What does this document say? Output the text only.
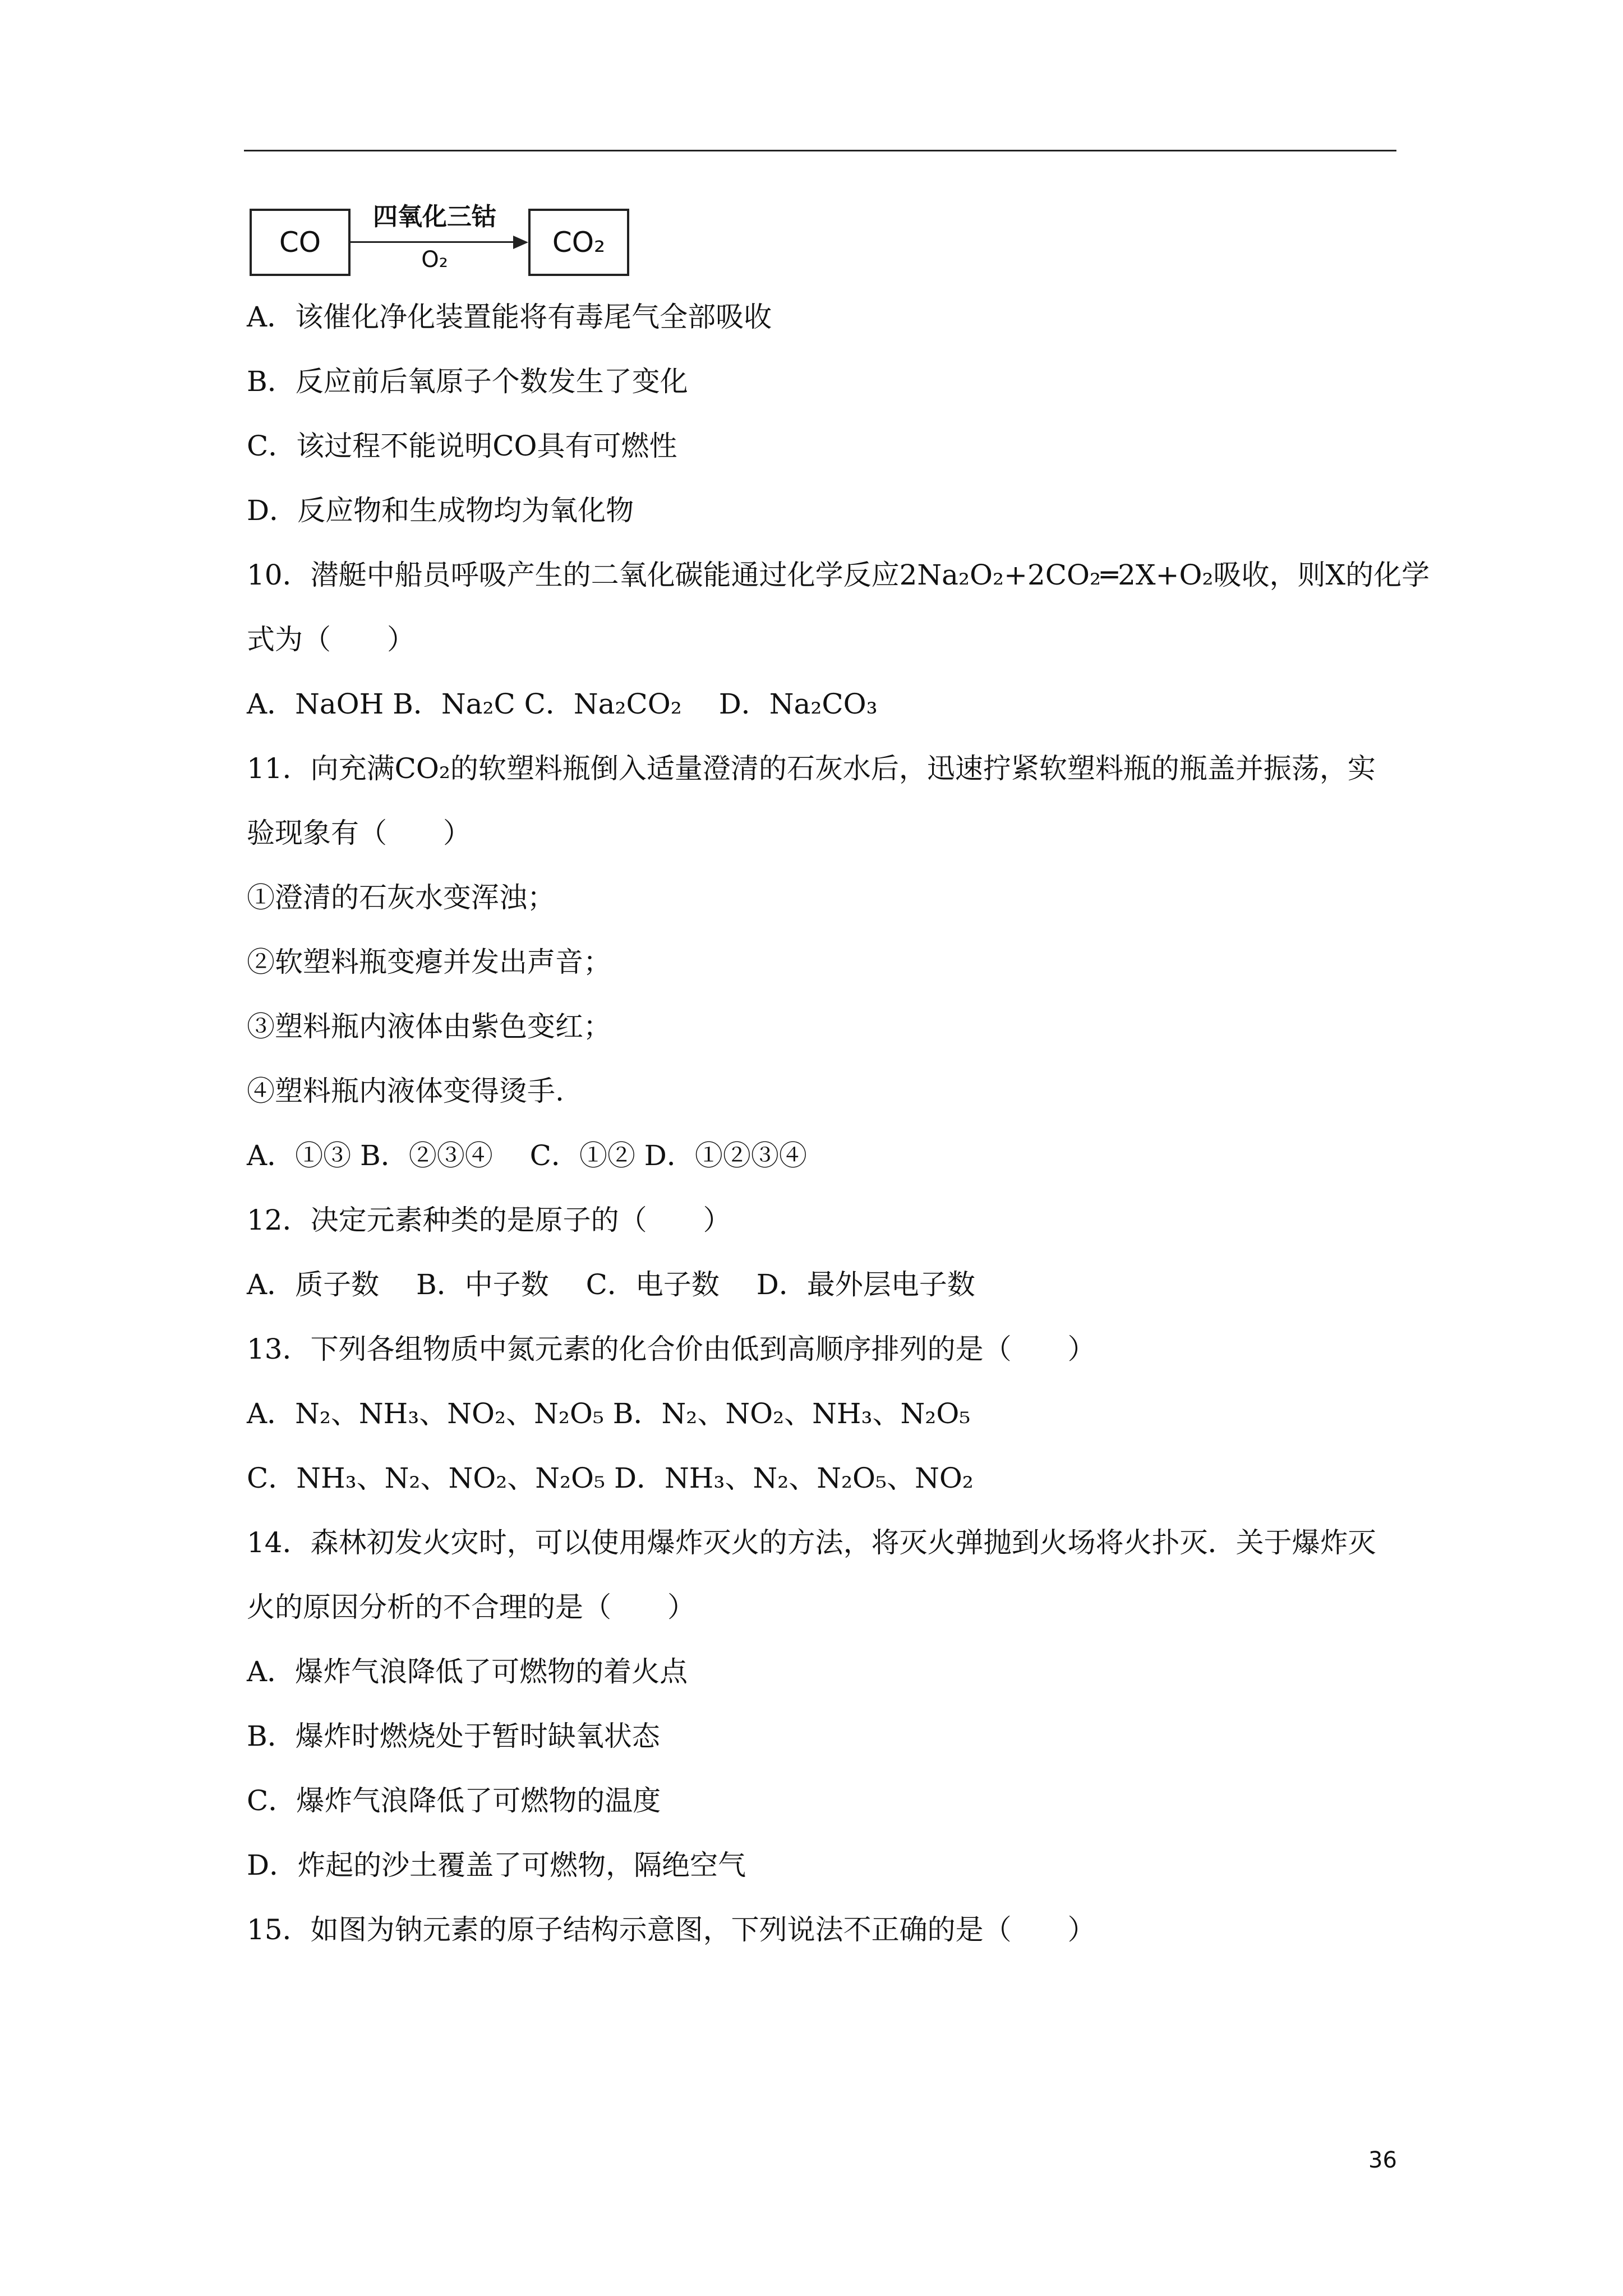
CO
四氧化三钴
O₂
CO₂
A．该催化净化装置能将有毒尾气全部吸收
B．反应前后氧原子个数发生了变化
C．该过程不能说明CO具有可燃性
D．反应物和生成物均为氧化物
10．潜艇中船员呼吸产生的二氧化碳能通过化学反应2Na₂O₂+2CO₂═2X+O₂吸收，则X的化学
式为（　　）
A．NaOH B．Na₂C C．Na₂CO₂　 D．Na₂CO₃
11．向充满CO₂的软塑料瓶倒入适量澄清的石灰水后，迅速拧紧软塑料瓶的瓶盖并振荡，实
验现象有（　　）
①澄清的石灰水变浑浊；
②软塑料瓶变瘪并发出声音；
③塑料瓶内液体由紫色变红；
④塑料瓶内液体变得烫手.
A．①③ B．②③④　 C．①② D．①②③④
12．决定元素种类的是原子的（　　）
A．质子数　 B．中子数　 C．电子数　 D．最外层电子数
13．下列各组物质中氮元素的化合价由低到高顺序排列的是（　　）
A．N₂、NH₃、NO₂、N₂O₅ B．N₂、NO₂、NH₃、N₂O₅
C．NH₃、N₂、NO₂、N₂O₅ D．NH₃、N₂、N₂O₅、NO₂
14．森林初发火灾时，可以使用爆炸灭火的方法，将灭火弹抛到火场将火扑灭．关于爆炸灭
火的原因分析的不合理的是（　　）
A．爆炸气浪降低了可燃物的着火点
B．爆炸时燃烧处于暂时缺氧状态
C．爆炸气浪降低了可燃物的温度
D．炸起的沙土覆盖了可燃物，隔绝空气
15．如图为钠元素的原子结构示意图，下列说法不正确的是（　　）
36
